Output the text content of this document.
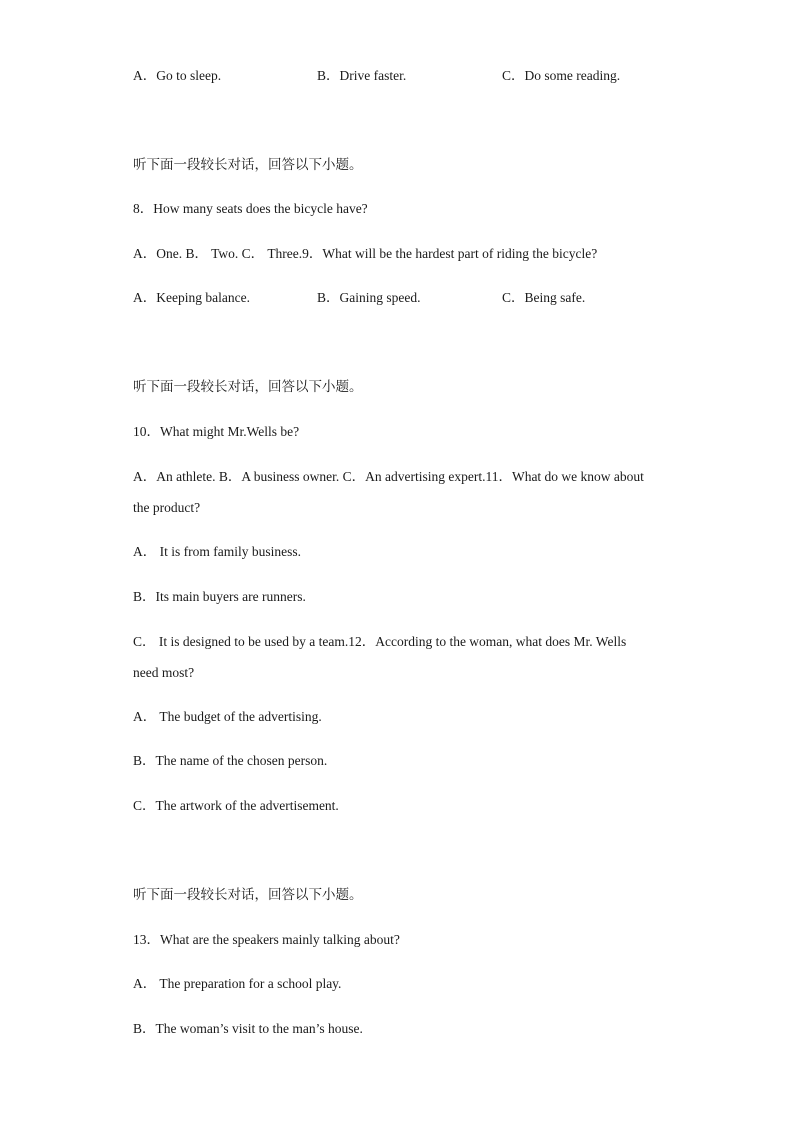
A．Go to sleep.	B．Drive faster.	C．Do some reading.
听下面一段较长对话，回答以下小题。
8．How many seats does the bicycle have?
A．One. B． Two. C． Three.9．What will be the hardest part of riding the bicycle?
A．Keeping balance.	B．Gaining speed.	C．Being safe.
听下面一段较长对话，回答以下小题。
10．What might Mr.Wells be?
A．An athlete. B．A business owner. C．An advertising expert.11．What do we know about the product?
A． It is from family business.
B．Its main buyers are runners.
C． It is designed to be used by a team.12．According to the woman, what does Mr. Wells need most?
A． The budget of the advertising.
B．The name of the chosen person.
C．The artwork of the advertisement.
听下面一段较长对话，回答以下小题。
13．What are the speakers mainly talking about?
A． The preparation for a school play.
B．The woman’s visit to the man’s house.
